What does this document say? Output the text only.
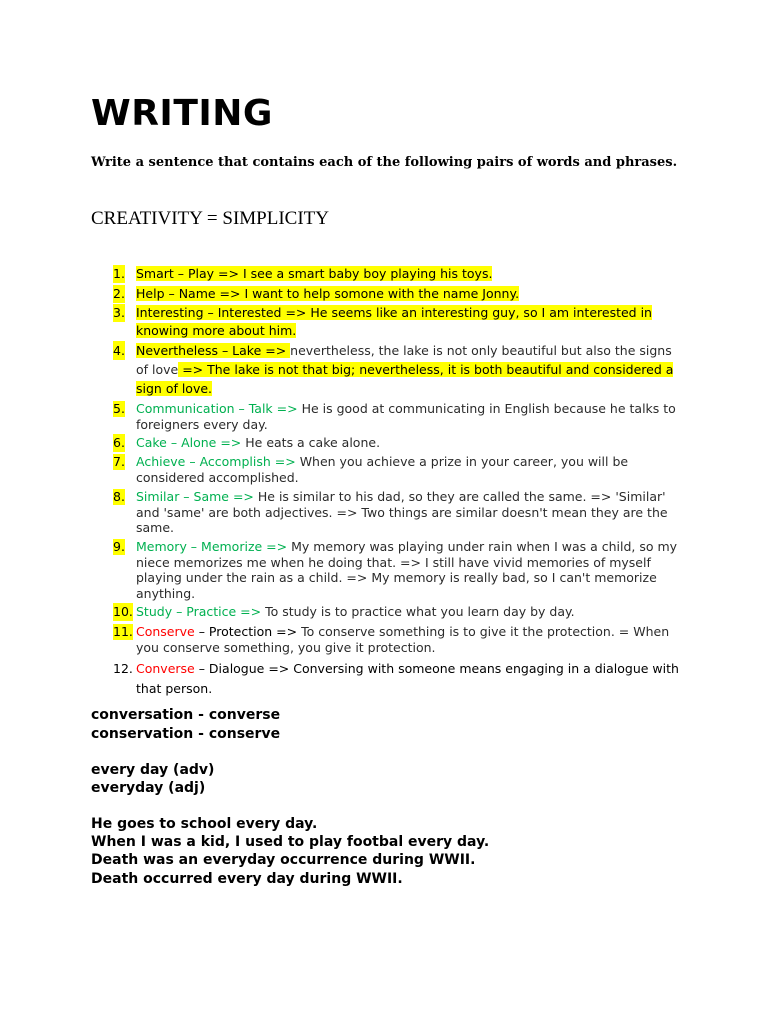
WRITING
Write a sentence that contains each of the following pairs of words and phrases.
CREATIVITY = SIMPLICITY
1. Smart – Play => I see a smart baby boy playing his toys.
2. Help – Name => I want to help somone with the name Jonny.
3. Interesting – Interested => He seems like an interesting guy, so I am interested in
knowing more about him.
4. Nevertheless – Lake => nevertheless, the lake is not only beautiful but also the signs
of love => The lake is not that big; nevertheless, it is both beautiful and considered a
sign of love.
5. Communication – Talk => He is good at communicating in English because he talks to
foreigners every day.
6. Cake – Alone => He eats a cake alone.
7. Achieve – Accomplish => When you achieve a prize in your career, you will be
considered accomplished.
8. Similar – Same => He is similar to his dad, so they are called the same. => 'Similar'
and 'same' are both adjectives. => Two things are similar doesn't mean they are the
same.
9. Memory – Memorize => My memory was playing under rain when I was a child, so my
niece memorizes me when he doing that. => I still have vivid memories of myself
playing under the rain as a child. => My memory is really bad, so I can't memorize
anything.
10. Study – Practice => To study is to practice what you learn day by day.
11. Conserve – Protection => To conserve something is to give it the protection. = When
you conserve something, you give it protection.
12. Converse – Dialogue => Conversing with someone means engaging in a dialogue with
that person.
conversation - converse
conservation - conserve
every day (adv)
everyday (adj)
He goes to school every day.
When I was a kid, I used to play footbal every day.
Death was an everyday occurrence during WWII.
Death occurred every day during WWII.
